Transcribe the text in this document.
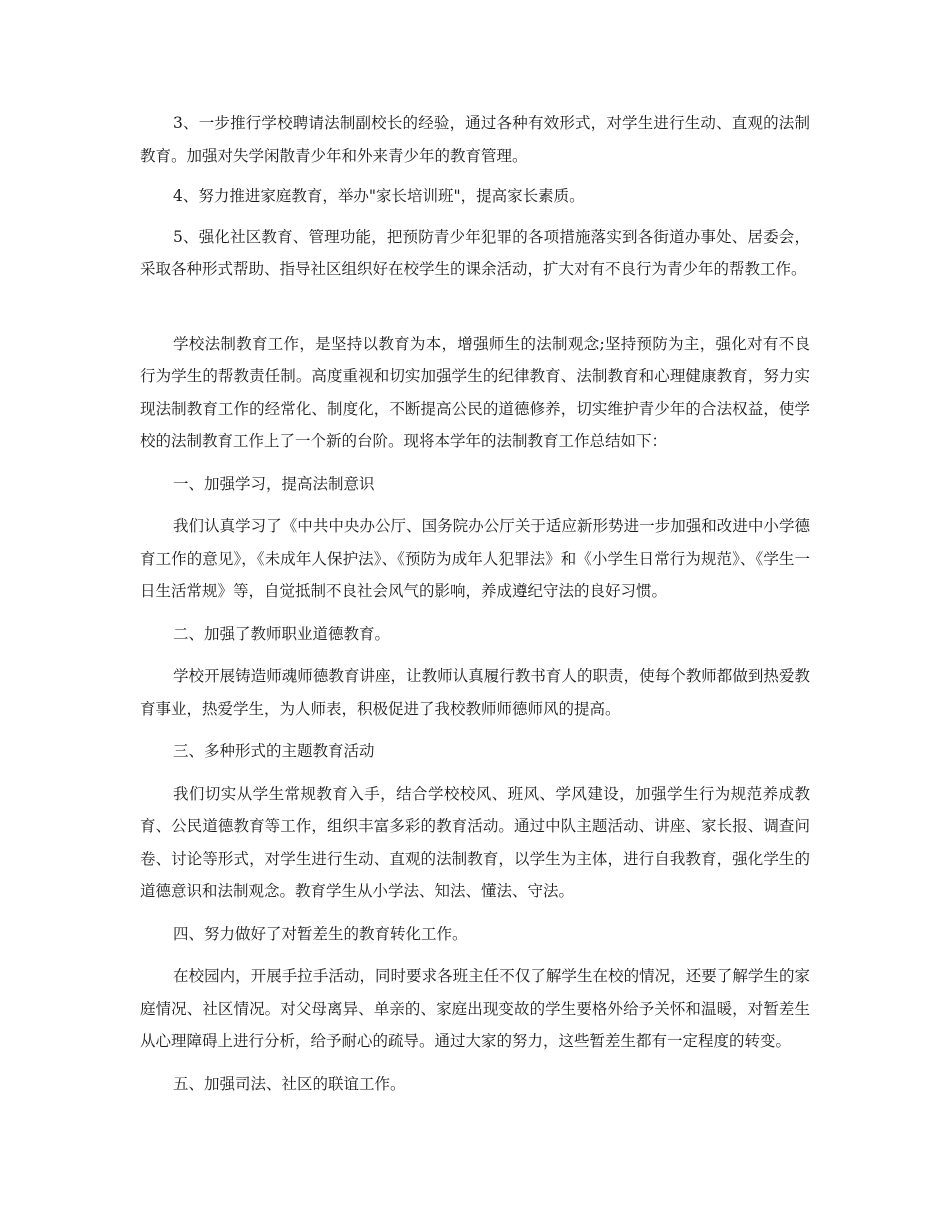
3、一步推行学校聘请法制副校长的经验，通过各种有效形式，对学生进行生动、直观的法制教育。加强对失学闲散青少年和外来青少年的教育管理。

4、努力推进家庭教育，举办"家长培训班"，提高家长素质。

5、强化社区教育、管理功能，把预防青少年犯罪的各项措施落实到各街道办事处、居委会，采取各种形式帮助、指导社区组织好在校学生的课余活动，扩大对有不良行为青少年的帮教工作。

学校法制教育工作，是坚持以教育为本，增强师生的法制观念;坚持预防为主，强化对有不良行为学生的帮教责任制。高度重视和切实加强学生的纪律教育、法制教育和心理健康教育，努力实现法制教育工作的经常化、制度化，不断提高公民的道德修养，切实维护青少年的合法权益，使学校的法制教育工作上了一个新的台阶。现将本学年的法制教育工作总结如下：

一、加强学习，提高法制意识

我们认真学习了《中共中央办公厅、国务院办公厅关于适应新形势进一步加强和改进中小学德育工作的意见》，《未成年人保护法》、《预防为成年人犯罪法》和《小学生日常行为规范》、《学生一日生活常规》等，自觉抵制不良社会风气的影响，养成遵纪守法的良好习惯。

二、加强了教师职业道德教育。

学校开展铸造师魂师德教育讲座，让教师认真履行教书育人的职责，使每个教师都做到热爱教育事业，热爱学生，为人师表，积极促进了我校教师师德师风的提高。

三、多种形式的主题教育活动

我们切实从学生常规教育入手，结合学校校风、班风、学风建设，加强学生行为规范养成教育、公民道德教育等工作，组织丰富多彩的教育活动。通过中队主题活动、讲座、家长报、调查问卷、讨论等形式，对学生进行生动、直观的法制教育，以学生为主体，进行自我教育，强化学生的道德意识和法制观念。教育学生从小学法、知法、懂法、守法。

四、努力做好了对暂差生的教育转化工作。

在校园内，开展手拉手活动，同时要求各班主任不仅了解学生在校的情况，还要了解学生的家庭情况、社区情况。对父母离异、单亲的、家庭出现变故的学生要格外给予关怀和温暖，对暂差生从心理障碍上进行分析，给予耐心的疏导。通过大家的努力，这些暂差生都有一定程度的转变。

五、加强司法、社区的联谊工作。
